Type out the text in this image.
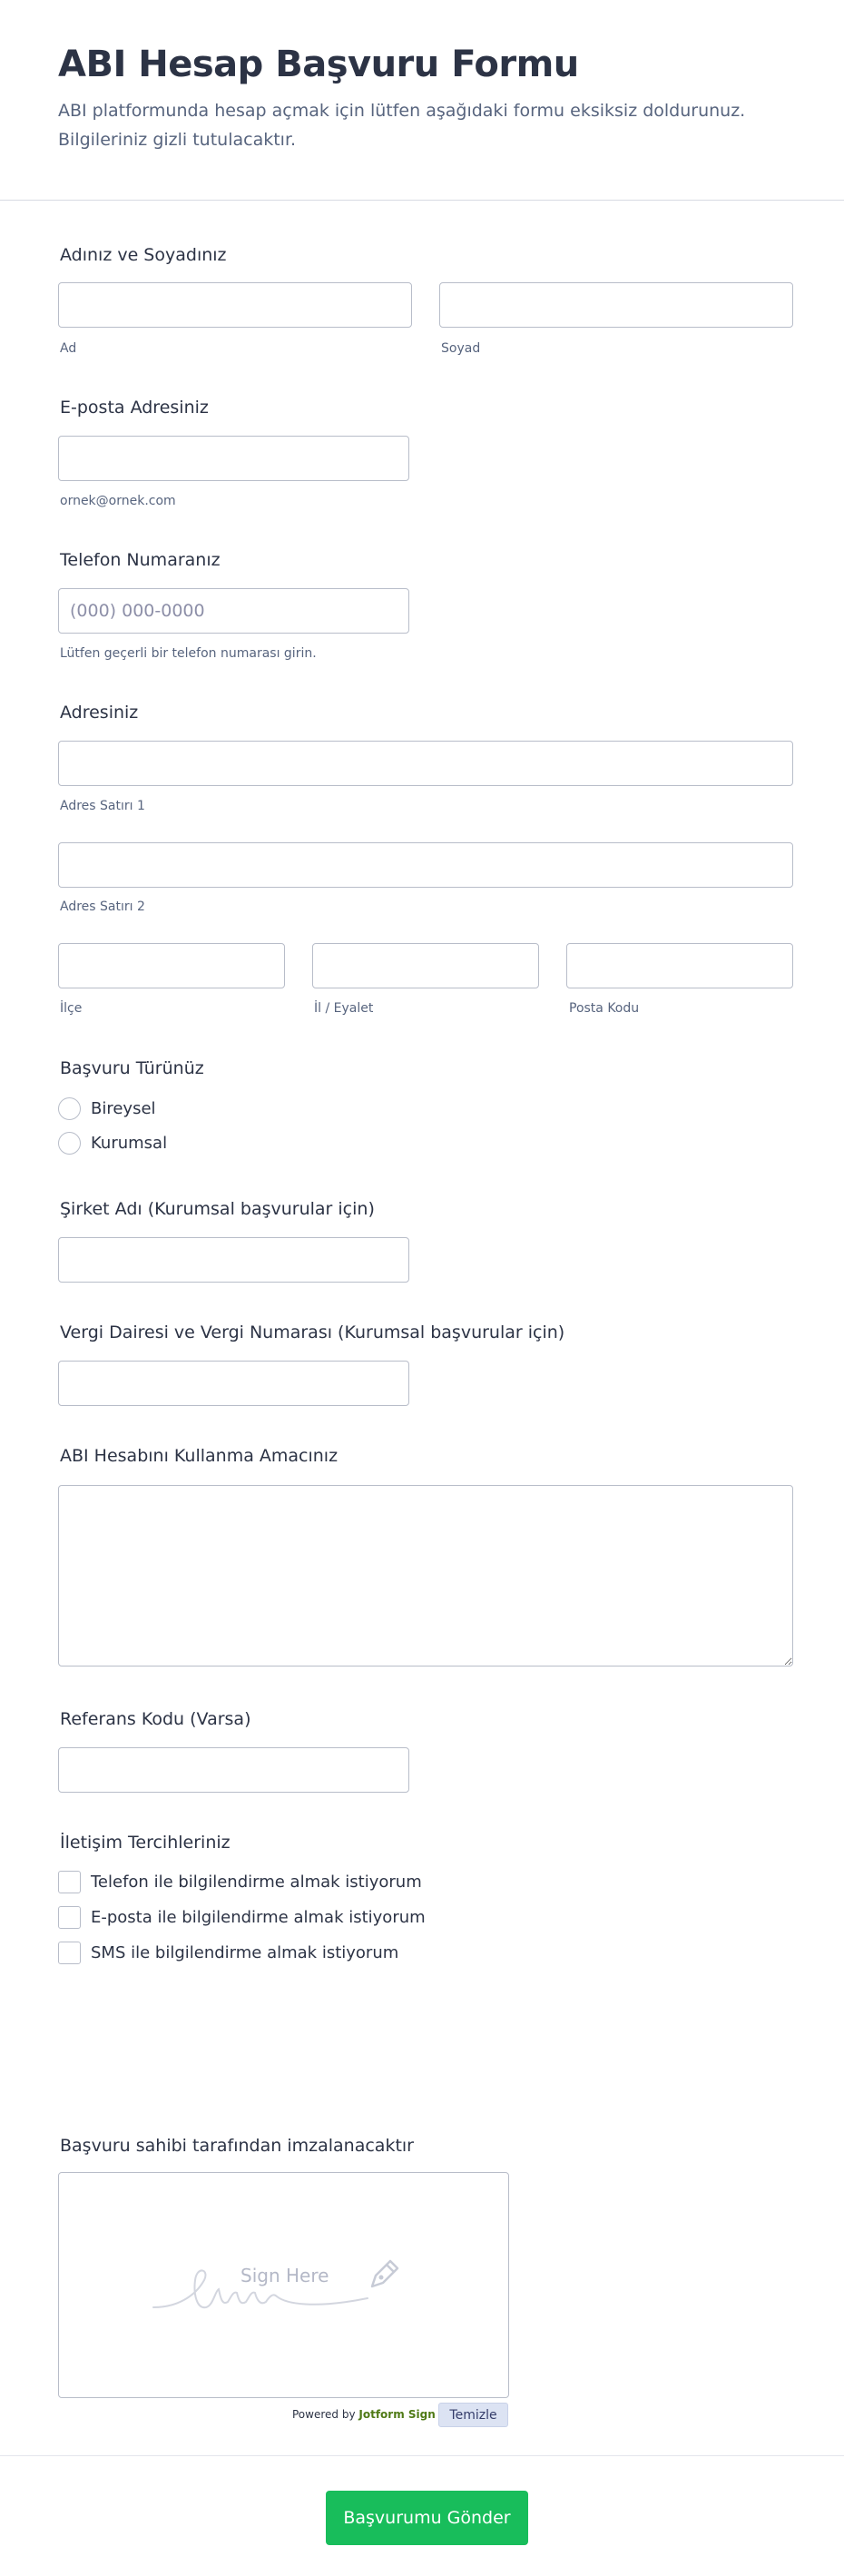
ABI Hesap Başvuru Formu
ABI platformunda hesap açmak için lütfen aşağıdaki formu eksiksiz doldurunuz. Bilgileriniz gizli tutulacaktır.
Adınız ve Soyadınız
Ad	Soyad
E-posta Adresiniz
ornek@ornek.com
Telefon Numaranız
(000) 000-0000
Lütfen geçerli bir telefon numarası girin.
Adresiniz
Adres Satırı 1
Adres Satırı 2
İlçe	İl / Eyalet	Posta Kodu
Başvuru Türünüz
Bireysel
Kurumsal
Şirket Adı (Kurumsal başvurular için)
Vergi Dairesi ve Vergi Numarası (Kurumsal başvurular için)
ABI Hesabını Kullanma Amacınız
Referans Kodu (Varsa)
İletişim Tercihleriniz
Telefon ile bilgilendirme almak istiyorum
E-posta ile bilgilendirme almak istiyorum
SMS ile bilgilendirme almak istiyorum
Başvuru sahibi tarafından imzalanacaktır
Sign Here
Powered by Jotform Sign	Temizle
Başvurumu Gönder
